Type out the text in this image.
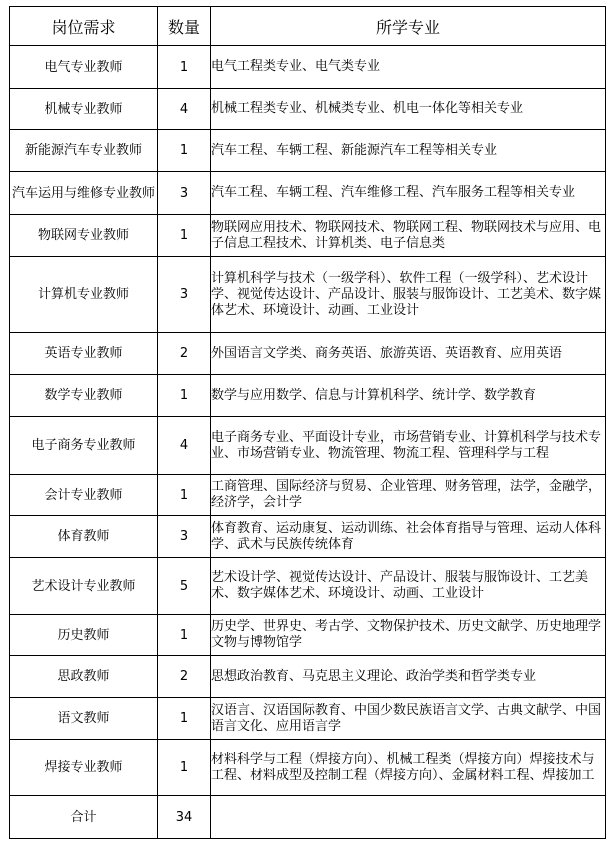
岗位需求	数量	所学专业
电气专业教师	1	电气工程类专业、电气类专业
机械专业教师	4	机械工程类专业、机械类专业、机电一体化等相关专业
新能源汽车专业教师	1	汽车工程、车辆工程、新能源汽车工程等相关专业
汽车运用与维修专业教师	3	汽车工程、车辆工程、汽车维修工程、汽车服务工程等相关专业
物联网专业教师	1	物联网应用技术、物联网技术、物联网工程、物联网技术与应用、电子信息工程技术、计算机类、电子信息类
计算机专业教师	3	计算机科学与技术（一级学科）、软件工程（一级学科）、艺术设计学、视觉传达设计、产品设计、服装与服饰设计、工艺美术、数字媒体艺术、环境设计、动画、工业设计
英语专业教师	2	外国语言文学类、商务英语、旅游英语、英语教育、应用英语
数学专业教师	1	数学与应用数学、信息与计算机科学、统计学、数学教育
电子商务专业教师	4	电子商务专业、平面设计专业，市场营销专业、计算机科学与技术专业、市场营销专业、物流管理、物流工程、管理科学与工程
会计专业教师	1	工商管理、国际经济与贸易、企业管理、财务管理，法学，金融学，经济学，会计学
体育教师	3	体育教育、运动康复、运动训练、社会体育指导与管理、运动人体科学、武术与民族传统体育
艺术设计专业教师	5	艺术设计学、视觉传达设计、产品设计、服装与服饰设计、工艺美术、数字媒体艺术、环境设计、动画、工业设计
历史教师	1	历史学、世界史、考古学、文物保护技术、历史文献学、历史地理学文物与博物馆学
思政教师	2	思想政治教育、马克思主义理论、政治学类和哲学类专业
语文教师	1	汉语言、汉语国际教育、中国少数民族语言文学、古典文献学、中国语言文化、应用语言学
焊接专业教师	1	材料科学与工程（焊接方向）、机械工程类（焊接方向）焊接技术与工程、材料成型及控制工程（焊接方向）、金属材料工程、焊接加工
合计	34	
